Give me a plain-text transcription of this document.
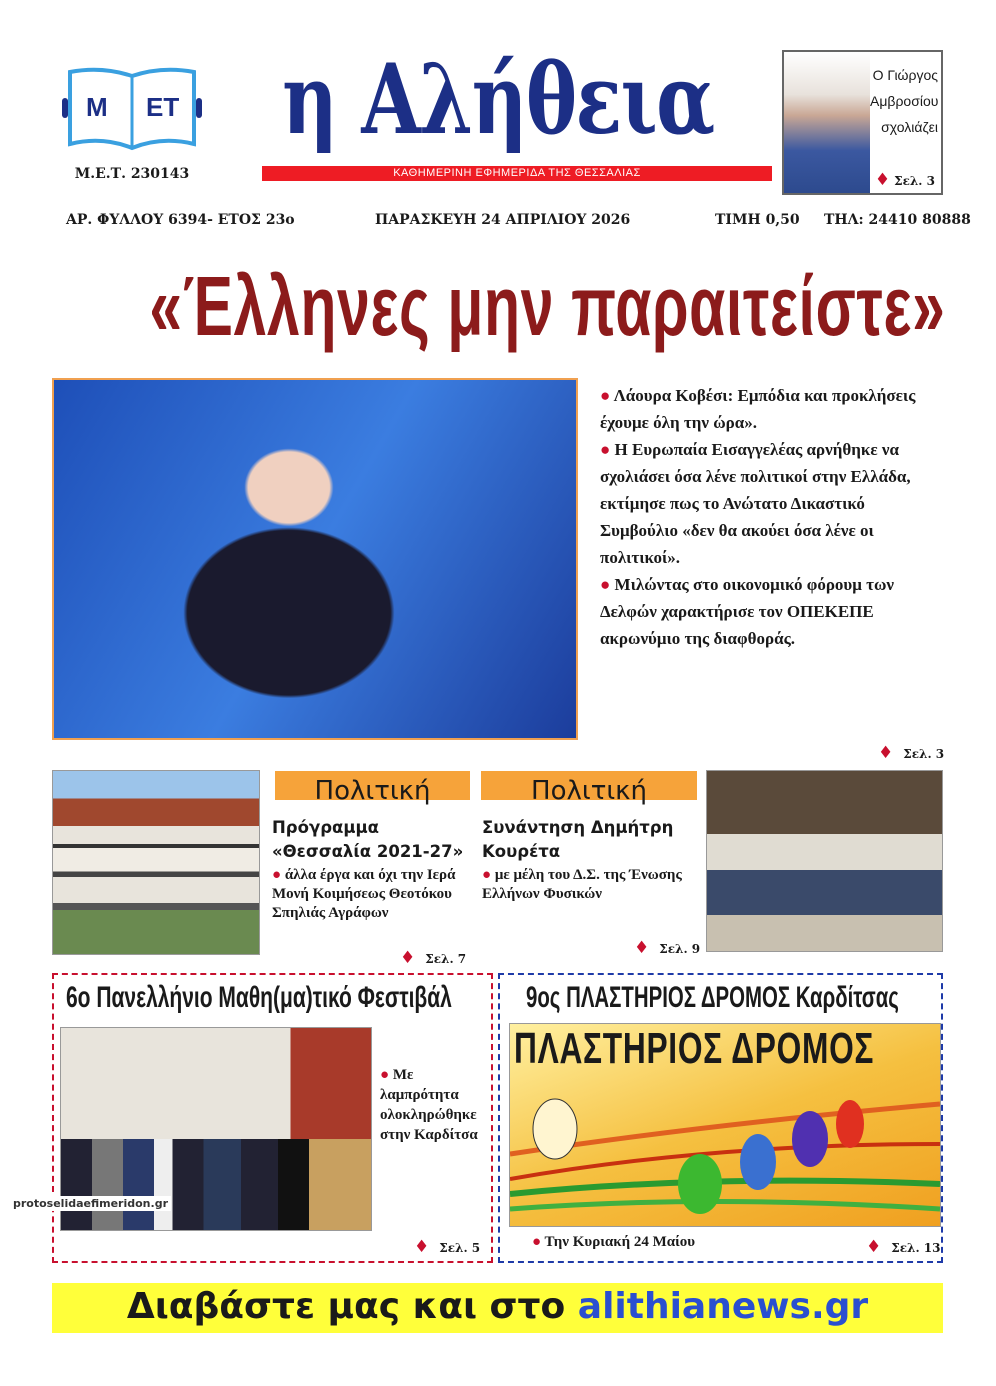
Μ ΕΤ
Μ.Ε.Τ. 230143
η Αλήθεια
ΚΑΘΗΜΕΡΙΝΗ ΕΦΗΜΕΡΙΔΑ ΤΗΣ ΘΕΣΣΑΛΙΑΣ
Ο Γιώργος
Αμβροσίου
σχολιάζει
♦ Σελ. 3
ΑΡ. ΦΥΛΛΟΥ 6394- ΕΤΟΣ 23ο	ΠΑΡΑΣΚΕΥΗ 24 ΑΠΡΙΛΙΟΥ 2026	ΤΙΜΗ 0,50 ΤΗΛ: 24410 80888
«Έλληνες μην παραιτείστε»

● Λάουρα Κοβέσι: Εμπόδια και προκλήσεις έχουμε όλη την ώρα».

● Η Ευρωπαία Εισαγγελέας αρνήθηκε να σχολιάσει όσα λένε πολιτικοί στην Ελλάδα, εκτίμησε πως το Ανώτατο Δικαστικό Συμβούλιο «δεν θα ακούει όσα λένε οι πολιτικοί».

● Μιλώντας στο οικονομικό φόρουμ των Δελφών χαρακτήρισε τον ΟΠΕΚΕΠΕ ακρωνύμιο της διαφθοράς.

♦ Σελ. 3
Πολιτική
Πρόγραμμα «Θεσσαλία 2021-27»
● άλλα έργα και όχι την Ιερά Μονή Κοιμήσεως Θεοτόκου Σπηλιάς Αγράφων
♦ Σελ. 7
Πολιτική
Συνάντηση Δημήτρη Κουρέτα
● με μέλη του Δ.Σ. της Ένωσης Ελλήνων Φυσικών
♦ Σελ. 9
6ο Πανελλήνιο Μαθη(μα)τικό Φεστιβάλ
● Με λαμπρότητα ολοκληρώθηκε στην Καρδίτσα
♦ Σελ. 5
9ος ΠΛΑΣΤΗΡΙΟΣ ΔΡΟΜΟΣ Καρδίτσας
ΠΛΑΣΤΗΡΙΟΣ ΔΡΟΜΟΣ
● Την Κυριακή 24 Μαίου	♦ Σελ. 13
protoselidaefimeridon.gr
Διαβάστε μας και στο alithianews.gr
